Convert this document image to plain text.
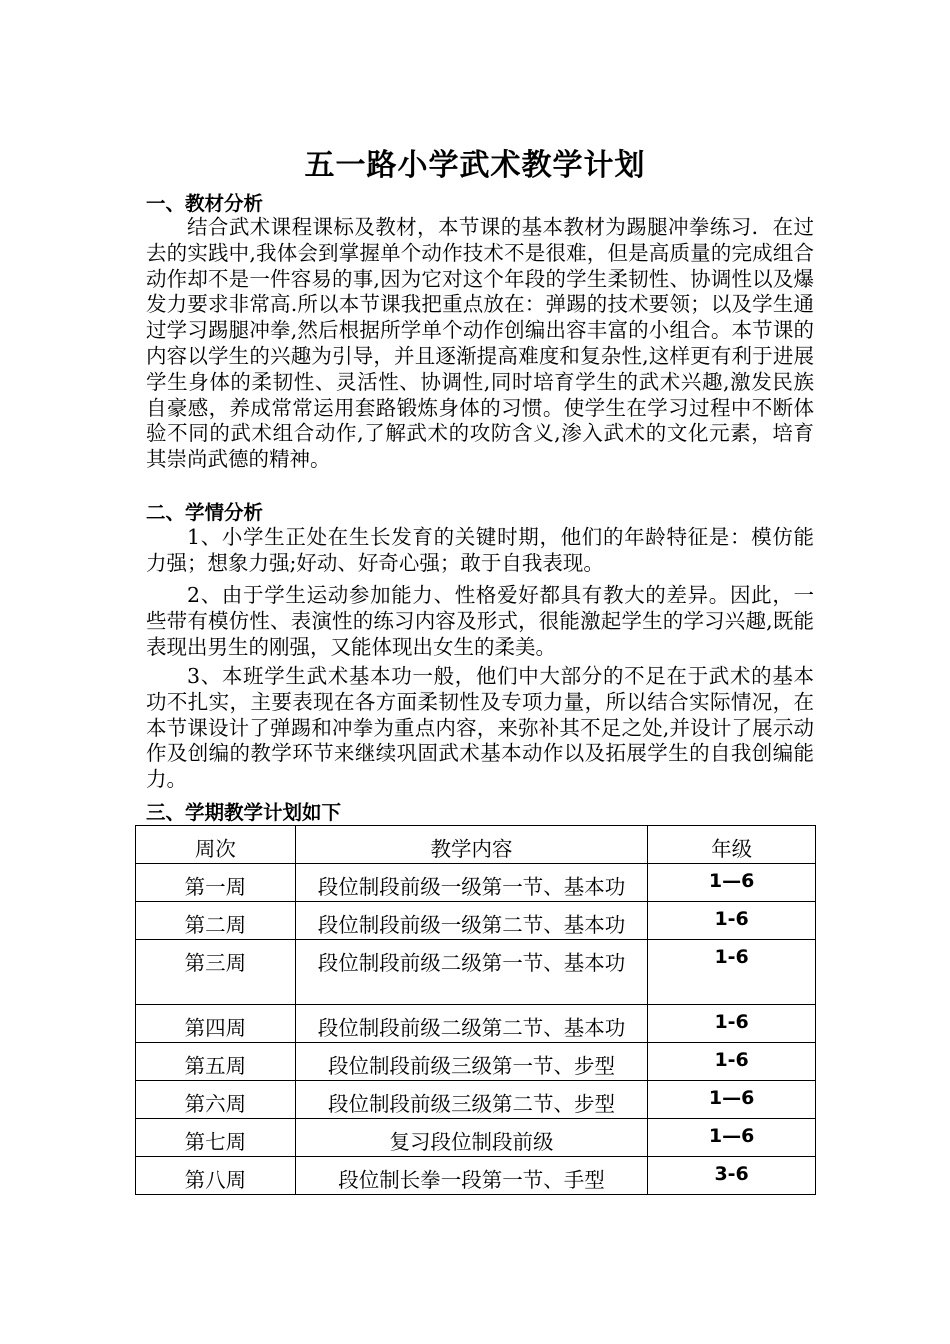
五一路小学武术教学计划
一、教材分析
结合武术课程课标及教材，本节课的基本教材为踢腿冲拳练习．在过去的实践中,我体会到掌握单个动作技术不是很难，但是高质量的完成组合动作却不是一件容易的事,因为它对这个年段的学生柔韧性、协调性以及爆发力要求非常高.所以本节课我把重点放在：弹踢的技术要领；以及学生通过学习踢腿冲拳,然后根据所学单个动作创编出容丰富的小组合。本节课的内容以学生的兴趣为引导，并且逐渐提高难度和复杂性,这样更有利于进展学生身体的柔韧性、灵活性、协调性,同时培育学生的武术兴趣,激发民族自豪感，养成常常运用套路锻炼身体的习惯。使学生在学习过程中不断体验不同的武术组合动作,了解武术的攻防含义,渗入武术的文化元素，培育其崇尚武德的精神。
二、学情分析
1、小学生正处在生长发育的关键时期，他们的年龄特征是：模仿能力强；想象力强;好动、好奇心强；敢于自我表现。
2、由于学生运动参加能力、性格爱好都具有教大的差异。因此，一些带有模仿性、表演性的练习内容及形式，很能激起学生的学习兴趣,既能表现出男生的刚强，又能体现出女生的柔美。
3、本班学生武术基本功一般，他们中大部分的不足在于武术的基本功不扎实，主要表现在各方面柔韧性及专项力量，所以结合实际情况，在本节课设计了弹踢和冲拳为重点内容，来弥补其不足之处,并设计了展示动作及创编的教学环节来继续巩固武术基本动作以及拓展学生的自我创编能力。
三、学期教学计划如下
周次	教学内容	年级
第一周	段位制段前级一级第一节、基本功	1—6
第二周	段位制段前级一级第二节、基本功	1-6
第三周	段位制段前级二级第一节、基本功	1-6
第四周	段位制段前级二级第二节、基本功	1-6
第五周	段位制段前级三级第一节、步型	1-6
第六周	段位制段前级三级第二节、步型	1—6
第七周	复习段位制段前级	1—6
第八周	段位制长拳一段第一节、手型	3-6
